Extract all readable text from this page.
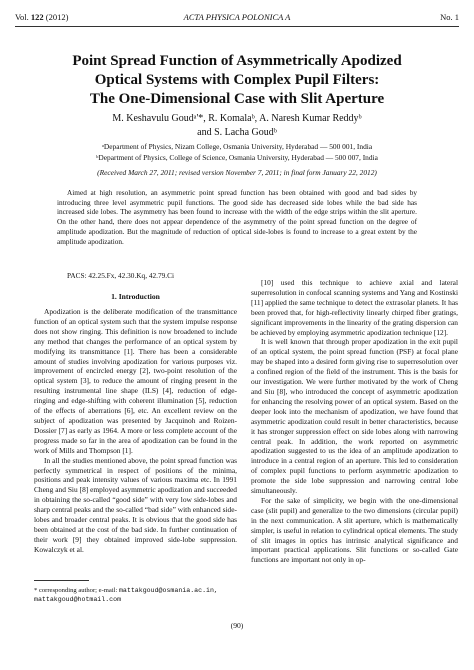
Vol. 122 (2012)	ACTA PHYSICA POLONICA A	No. 1
Point Spread Function of Asymmetrically Apodized
Optical Systems with Complex Pupil Filters:
The One-Dimensional Case with Slit Aperture
M. Keshavulu Goudᵃ'*, R. Komalaᵇ, A. Naresh Kumar Reddyᵇ
and S. Lacha Goudᵇ
ᵃDepartment of Physics, Nizam College, Osmania University, Hyderabad — 500 001, India
ᵇDepartment of Physics, College of Science, Osmania University, Hyderabad — 500 007, India
(Received March 27, 2011; revised version November 7, 2011; in final form January 22, 2012)

Aimed at high resolution, an asymmetric point spread function has been obtained with good and bad sides by introducing three level asymmetric pupil functions. The good side has decreased side lobes while the bad side has increased side lobes. The asymmetry has been found to increase with the width of the edge strips within the slit aperture. On the other hand, there does not appear dependence of the asymmetry of the point spread function on the degree of amplitude apodization. But the magnitude of reduction of optical side-lobes is found to increase to a great extent by the amplitude apodization.

PACS: 42.25.Fx, 42.30.Kq, 42.79.Ci
1. Introduction

Apodization is the deliberate modification of the transmittance function of an optical system such that the system impulse response does not show ringing. This definition is now broadened to include any method that changes the performance of an optical system by modifying its transmittance [1]. There has been a considerable amount of studies involving apodization for various purposes viz. improvement of encircled energy [2], two-point resolution of the optical system [3], to reduce the amount of ringing present in the resulting instrumental line shape (ILS) [4], reduction of edge-ringing and edge-shifting with coherent illumination [5], reduction of the effects of aberrations [6], etc. An excellent review on the subject of apodization was presented by Jacquinoh and Roizen-Dossier [7] as early as 1964. A more or less complete account of the progress made so far in the area of apodization can be found in the work of Mills and Thompson [1].

In all the studies mentioned above, the point spread function was perfectly symmetrical in respect of positions of the minima, positions and peak intensity values of various maxima etc. In 1991 Cheng and Siu [8] employed asymmetric apodization and succeeded in obtaining the so-called “good side” with very low side-lobes and sharp central peaks and the so-called “bad side” with enhanced side-lobes and broader central peaks. It is obvious that the good side has been obtained at the cost of the bad side. In further continuation of their work [9] they obtained improved side-lobe suppression. Kowalczyk et al.

[10] used this technique to achieve axial and lateral superresolution in confocal scanning systems and Yang and Kostinski [11] applied the same technique to detect the extrasolar planets. It has been proved that, for high-reflectivity linearly chirped fiber gratings, significant improvements in the linearity of the grating dispersion can be achieved by employing asymmetric apodization technique [12].

It is well known that through proper apodization in the exit pupil of an optical system, the point spread function (PSF) at focal plane may be shaped into a desired form giving rise to superresolution over a confined region of the field of the instrument. This is the basis for our investigation. We were further motivated by the work of Cheng and Siu [8], who introduced the concept of asymmetric apodization for enhancing the resolving power of an optical system. Based on the deeper look into the mechanism of apodization, we have found that asymmetric apodization could result in better characteristics, because it has stronger suppression effect on side lobes along with narrowing central peak. In addition, the work reported on asymmetric apodization suggested to us the idea of an amplitude apodization to introduce in a central region of an aperture. This led to consideration of complex pupil functions to perform asymmetric apodization to promote the side lobe suppression and narrowing central lobe simultaneously.

For the sake of simplicity, we begin with the one-dimensional case (slit pupil) and generalize to the two dimensions (circular pupil) in the next communication. A slit aperture, which is mathematically simpler, is useful in relation to cylindrical optical elements. The study of slit images in optics has intrinsic analytical significance and important practical applications. Slit functions or so-called Gate functions are important not only in op-

* corresponding author; e-mail: mattakgoud@osmania.ac.in,
mattakgoud@hotmail.com
(90)
